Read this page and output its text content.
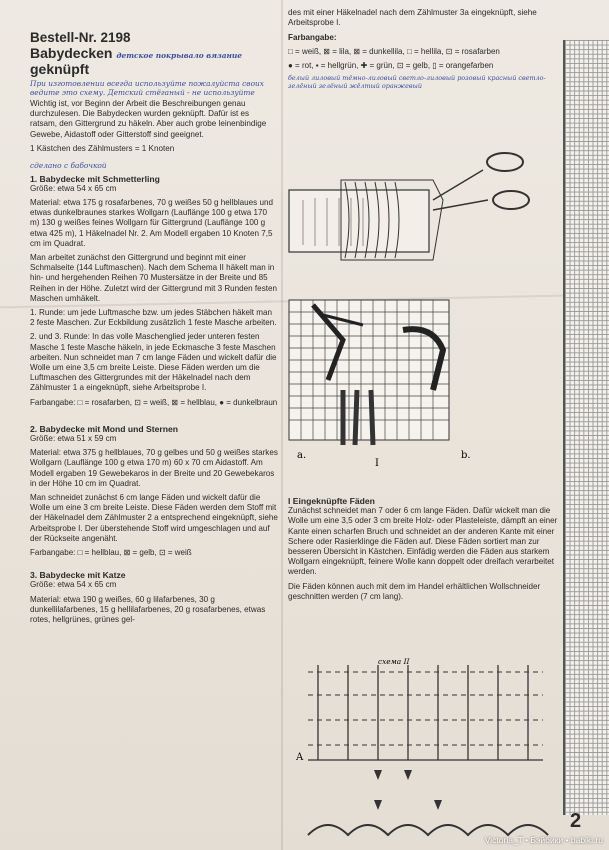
Bestell-Nr. 2198
Babydecken детское покрывало вязание
geknüpft
При изготовлении всегда используйте пожалуйста своих ведите это схему. Детский стёганый - не используйте

Wichtig ist, vor Beginn der Arbeit die Beschreibungen genau durchzulesen. Die Babydecken wurden geknüpft. Dafür ist es ratsam, den Gittergrund zu häkeln. Aber auch grobe leinenbindige Gewebe, Aidastoff oder Gitterstoff sind geeignet.

1 Kästchen des Zählmusters = 1 Knoten

сделано с бабочкой
1. Babydecke mit Schmetterling

Größe: etwa 54 x 65 cm

Material: etwa 175 g rosafarbenes, 70 g weißes 50 g hellblaues und etwas dunkelbraunes starkes Wollgarn (Lauflänge 100 g etwa 170 m) 130 g weißes feines Wollgarn für Gittergrund (Lauflänge 100 g etwa 425 m), 1 Häkelnadel Nr. 2. Am Modell ergaben 10 Knoten 7,5 cm im Quadrat.

Man arbeitet zunächst den Gittergrund und beginnt mit einer Schmalseite (144 Luftmaschen). Nach dem Schema II häkelt man in hin- und hergehenden Reihen 70 Mustersätze in der Breite und 85 Reihen in der Höhe. Zuletzt wird der Gittergrund mit 3 Runden festen Maschen umhäkelt.

1. Runde: um jede Luftmasche bzw. um jedes Stäbchen häkelt man 2 feste Maschen. Zur Eckbildung zusätzlich 1 feste Masche arbeiten.

2. und 3. Runde: In das volle Maschenglied jeder unteren festen Masche 1 feste Masche häkeln, in jede Eckmasche 3 feste Maschen arbeiten. Nun schneidet man 7 cm lange Fäden und wickelt dafür die Wolle um eine 3,5 cm breite Leiste. Diese Fäden werden um die Luftmaschen des Gittergrundes mit der Häkelnadel nach dem Zählmuster 1 a eingeknüpft, siehe Arbeitsprobe I.

Farbangabe: □ = rosafarben, ⊡ = weiß, ⊠ = hellblau, ● = dunkelbraun

2. Babydecke mit Mond und Sternen

Größe: etwa 51 x 59 cm

Material: etwa 375 g hellblaues, 70 g gelbes und 50 g weißes starkes Wollgarn (Lauflänge 100 g etwa 170 m) 60 x 70 cm Aidastoff. Am Modell ergaben 19 Gewebekaros in der Breite und 20 Gewebekaros in der Höhe 10 cm im Quadrat.

Man schneidet zunächst 6 cm lange Fäden und wickelt dafür die Wolle um eine 3 cm breite Leiste. Diese Fäden werden dem Stoff mit der Häkelnadel dem Zählmuster 2 a entsprechend eingeknüpft, siehe Arbeitsprobe I. Der überstehende Stoff wird umgeschlagen und auf der Rückseite angenäht.

Farbangabe: □ = hellblau, ⊠ = gelb, ⊡ = weiß

3. Babydecke mit Katze

Größe: etwa 54 x 65 cm

Material: etwa 190 g weißes, 60 g lilafarbenes, 30 g dunkellilafarbenes, 15 g hellilafarbenes, 20 g rosafarbenes, etwas rotes, hellgrünes, grünes gel-

des mit einer Häkelnadel nach dem Zählmuster 3a eingeknüpft, siehe Arbeitsprobe I.

Farbangabe:

□ = weiß, ⊠ = lila, ⊠ = dunkellila, □ = hellila, ⊡ = rosafarben

● = rot, ▪ = hellgrün, ✚ = grün, ⊡ = gelb, ▯ = orangefarben

белый лиловый тёмно-лиловый светло-лиловый розовый красный светло-зелёный зелёный жёлтый оранжевый
a.
I
b.
I Eingeknüpfte Fäden

Zunächst schneidet man 7 oder 6 cm lange Fäden. Dafür wickelt man die Wolle um eine 3,5 oder 3 cm breite Holz- oder Plasteleiste, dämpft an einer Kante einen scharfen Bruch und schneidet an der anderen Kante mit einer Schere oder Rasierklinge die Fäden auf. Diese Fäden sortiert man zur besseren Übersicht in Kästchen. Einfädig werden die Fäden aus starkem Wollgarn eingeknüpft, feinere Wolle kann doppelt oder dreifach verarbeitet werden.

Die Fäden können auch mit dem im Handel erhältlichen Wollschneider geschnitten werden (7 cm lang).

схема II
A
2
Victoria_T • Бэйбики • babiki.ru
